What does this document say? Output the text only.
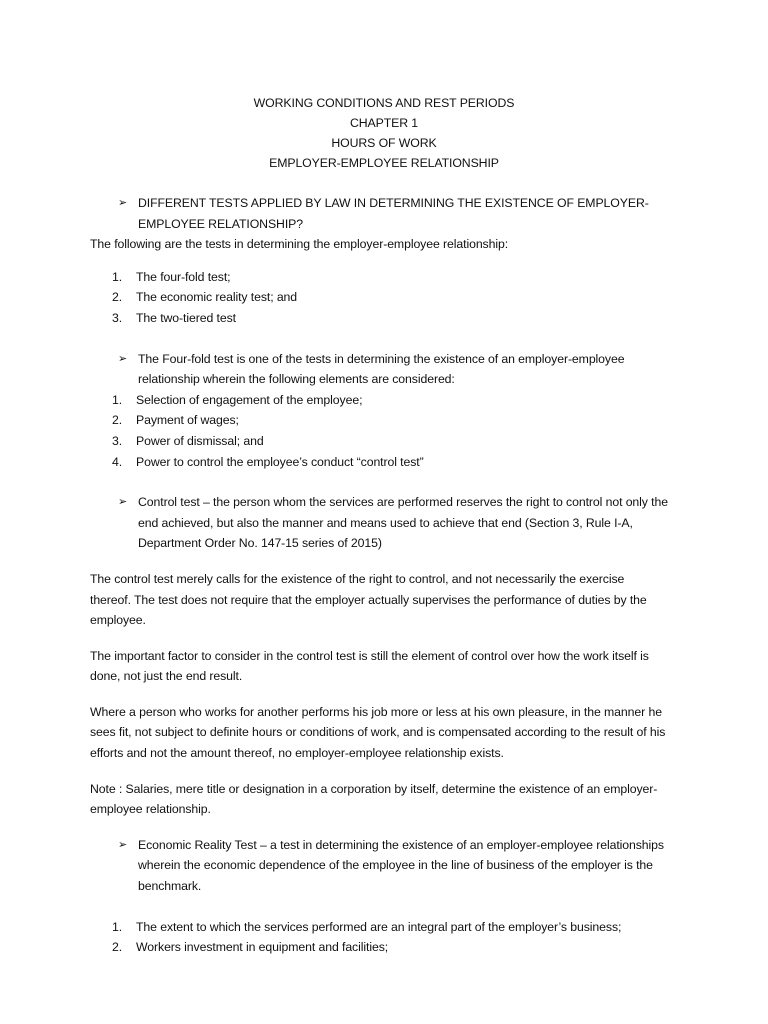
WORKING CONDITIONS AND REST PERIODS
CHAPTER 1
HOURS OF WORK
EMPLOYER-EMPLOYEE RELATIONSHIP

➢ DIFFERENT TESTS APPLIED BY LAW IN DETERMINING THE EXISTENCE OF EMPLOYER-EMPLOYEE RELATIONSHIP?

The following are the tests in determining the employer-employee relationship:

1. The four-fold test;
2. The economic reality test; and
3. The two-tiered test

➢ The Four-fold test is one of the tests in determining the existence of an employer-employee relationship wherein the following elements are considered:

1. Selection of engagement of the employee;
2. Payment of wages;
3. Power of dismissal; and
4. Power to control the employee’s conduct “control test”

➢ Control test – the person whom the services are performed reserves the right to control not only the end achieved, but also the manner and means used to achieve that end (Section 3, Rule I-A, Department Order No. 147-15 series of 2015)

The control test merely calls for the existence of the right to control, and not necessarily the exercise thereof. The test does not require that the employer actually supervises the performance of duties by the employee.

The important factor to consider in the control test is still the element of control over how the work itself is done, not just the end result.

Where a person who works for another performs his job more or less at his own pleasure, in the manner he sees fit, not subject to definite hours or conditions of work, and is compensated according to the result of his efforts and not the amount thereof, no employer-employee relationship exists.

Note : Salaries, mere title or designation in a corporation by itself, determine the existence of an employer-employee relationship.

➢ Economic Reality Test – a test in determining the existence of an employer-employee relationships wherein the economic dependence of the employee in the line of business of the employer is the benchmark.

1. The extent to which the services performed are an integral part of the employer’s business;
2. Workers investment in equipment and facilities;
